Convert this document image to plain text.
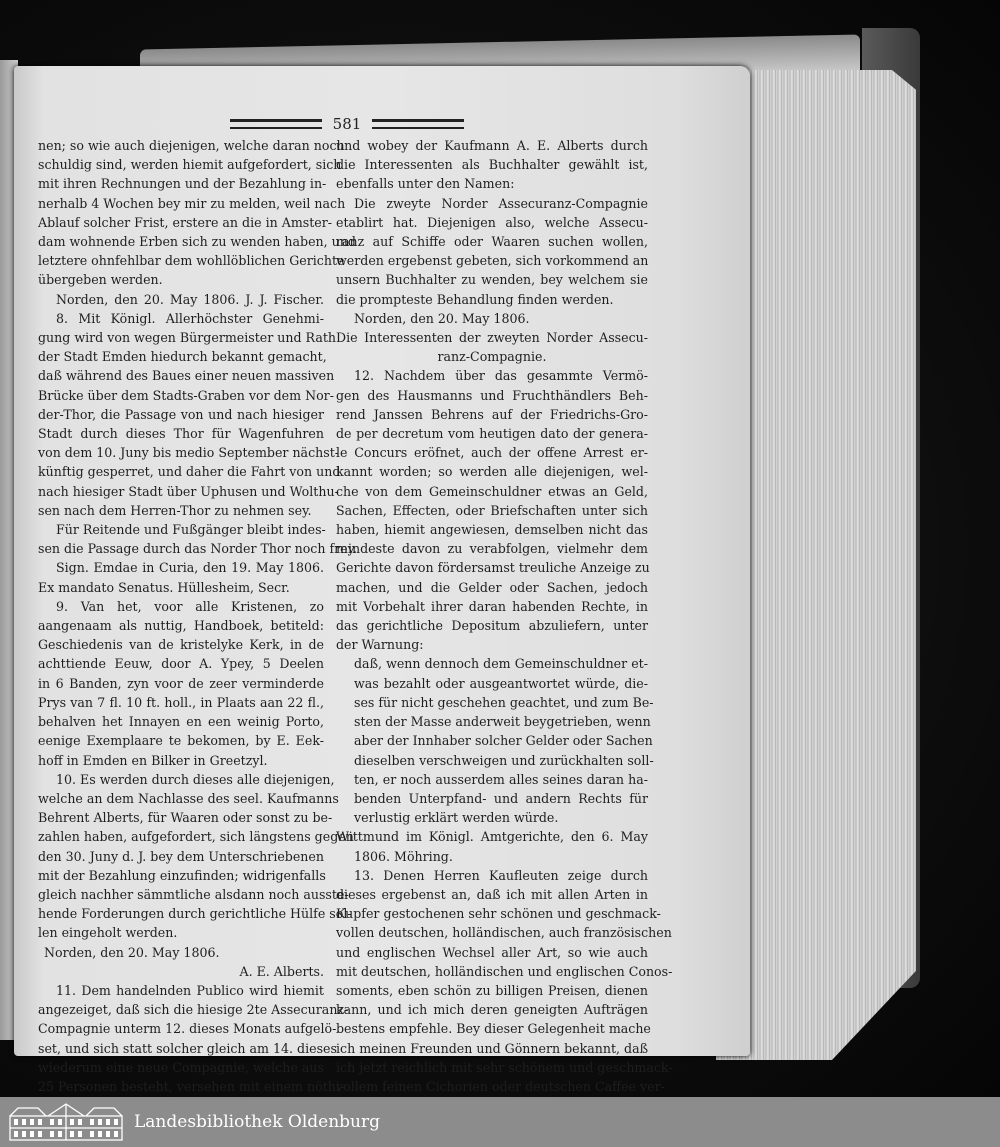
581
nen; so wie auch diejenigen, welche daran noch
schuldig sind, werden hiemit aufgefordert, sich
mit ihren Rechnungen und der Bezahlung in-
nerhalb 4 Wochen bey mir zu melden, weil nach
Ablauf solcher Frist, erstere an die in Amster-
dam wohnende Erben sich zu wenden haben, und
letztere ohnfehlbar dem wohllöblichen Gerichte
übergeben werden.
Norden, den 20. May 1806. J. J. Fischer.
8. Mit Königl. Allerhöchster Genehmi-
gung wird von wegen Bürgermeister und Rath
der Stadt Emden hiedurch bekannt gemacht,
daß während des Baues einer neuen massiven
Brücke über dem Stadts-Graben vor dem Nor-
der-Thor, die Passage von und nach hiesiger
Stadt durch dieses Thor für Wagenfuhren
von dem 10. Juny bis medio September nächst-
künftig gesperret, und daher die Fahrt von und
nach hiesiger Stadt über Uphusen und Wolthu-
sen nach dem Herren-Thor zu nehmen sey.
Für Reitende und Fußgänger bleibt indes-
sen die Passage durch das Norder Thor noch frey.
Sign. Emdae in Curia, den 19. May 1806.
Ex mandato Senatus. Hüllesheim, Secr.
9. Van het, voor alle Kristenen, zo
aangenaam als nuttig, Handboek, betiteld:
Geschiedenis van de kristelyke Kerk, in de
achttiende Eeuw, door A. Ypey, 5 Deelen
in 6 Banden, zyn voor de zeer verminderde
Prys van 7 fl. 10 ft. holl., in Plaats aan 22 fl.,
behalven het Innayen en een weinig Porto,
eenige Exemplaare te bekomen, by E. Eek-
hoff in Emden en Bilker in Greetzyl.
10. Es werden durch dieses alle diejenigen,
welche an dem Nachlasse des seel. Kaufmanns
Behrent Alberts, für Waaren oder sonst zu be-
zahlen haben, aufgefordert, sich längstens gegen
den 30. Juny d. J. bey dem Unterschriebenen
mit der Bezahlung einzufinden; widrigenfalls
gleich nachher sämmtliche alsdann noch ausste-
hende Forderungen durch gerichtliche Hülfe sol-
len eingeholt werden.
Norden, den 20. May 1806.
A. E. Alberts.
11. Dem handelnden Publico wird hiemit
angezeiget, daß sich die hiesige 2te Assecuranz-
Compagnie unterm 12. dieses Monats aufgelö-
set, und sich statt solcher gleich am 14. dieses
wiederum eine neue Compagnie, welche aus
25 Personen besteht, versehen mit einem nöthi-
und wobey der Kaufmann A. E. Alberts durch
die Interessenten als Buchhalter gewählt ist,
ebenfalls unter den Namen:
Die zweyte Norder Assecuranz-Compagnie
etablirt hat. Diejenigen also, welche Assecu-
ranz auf Schiffe oder Waaren suchen wollen,
werden ergebenst gebeten, sich vorkommend an
unsern Buchhalter zu wenden, bey welchem sie
die prompteste Behandlung finden werden.
Norden, den 20. May 1806.
Die Interessenten der zweyten Norder Assecu-
ranz-Compagnie.
12. Nachdem über das gesammte Vermö-
gen des Hausmanns und Fruchthändlers Beh-
rend Janssen Behrens auf der Friedrichs-Gro-
de per decretum vom heutigen dato der genera-
le Concurs eröfnet, auch der offene Arrest er-
kannt worden; so werden alle diejenigen, wel-
che von dem Gemeinschuldner etwas an Geld,
Sachen, Effecten, oder Briefschaften unter sich
haben, hiemit angewiesen, demselben nicht das
mindeste davon zu verabfolgen, vielmehr dem
Gerichte davon fördersamst treuliche Anzeige zu
machen, und die Gelder oder Sachen, jedoch
mit Vorbehalt ihrer daran habenden Rechte, in
das gerichtliche Depositum abzuliefern, unter
der Warnung:
daß, wenn dennoch dem Gemeinschuldner et-
was bezahlt oder ausgeantwortet würde, die-
ses für nicht geschehen geachtet, und zum Be-
sten der Masse anderweit beygetrieben, wenn
aber der Innhaber solcher Gelder oder Sachen
dieselben verschweigen und zurückhalten soll-
ten, er noch ausserdem alles seines daran ha-
benden Unterpfand- und andern Rechts für
verlustig erklärt werden würde.
Wittmund im Königl. Amtgerichte, den 6. May
1806. Möhring.
13. Denen Herren Kaufleuten zeige durch
dieses ergebenst an, daß ich mit allen Arten in
Kupfer gestochenen sehr schönen und geschmack-
vollen deutschen, holländischen, auch französischen
und englischen Wechsel aller Art, so wie auch
mit deutschen, holländischen und englischen Conos-
soments, eben schön zu billigen Preisen, dienen
kann, und ich mich deren geneigten Aufträgen
bestens empfehle. Bey dieser Gelegenheit mache
ich meinen Freunden und Gönnern bekannt, daß
ich jetzt reichlich mit sehr schönem und geschmack-
vollem feinen Cichorien oder deutschen Caffee ver-
Landesbibliothek Oldenburg
